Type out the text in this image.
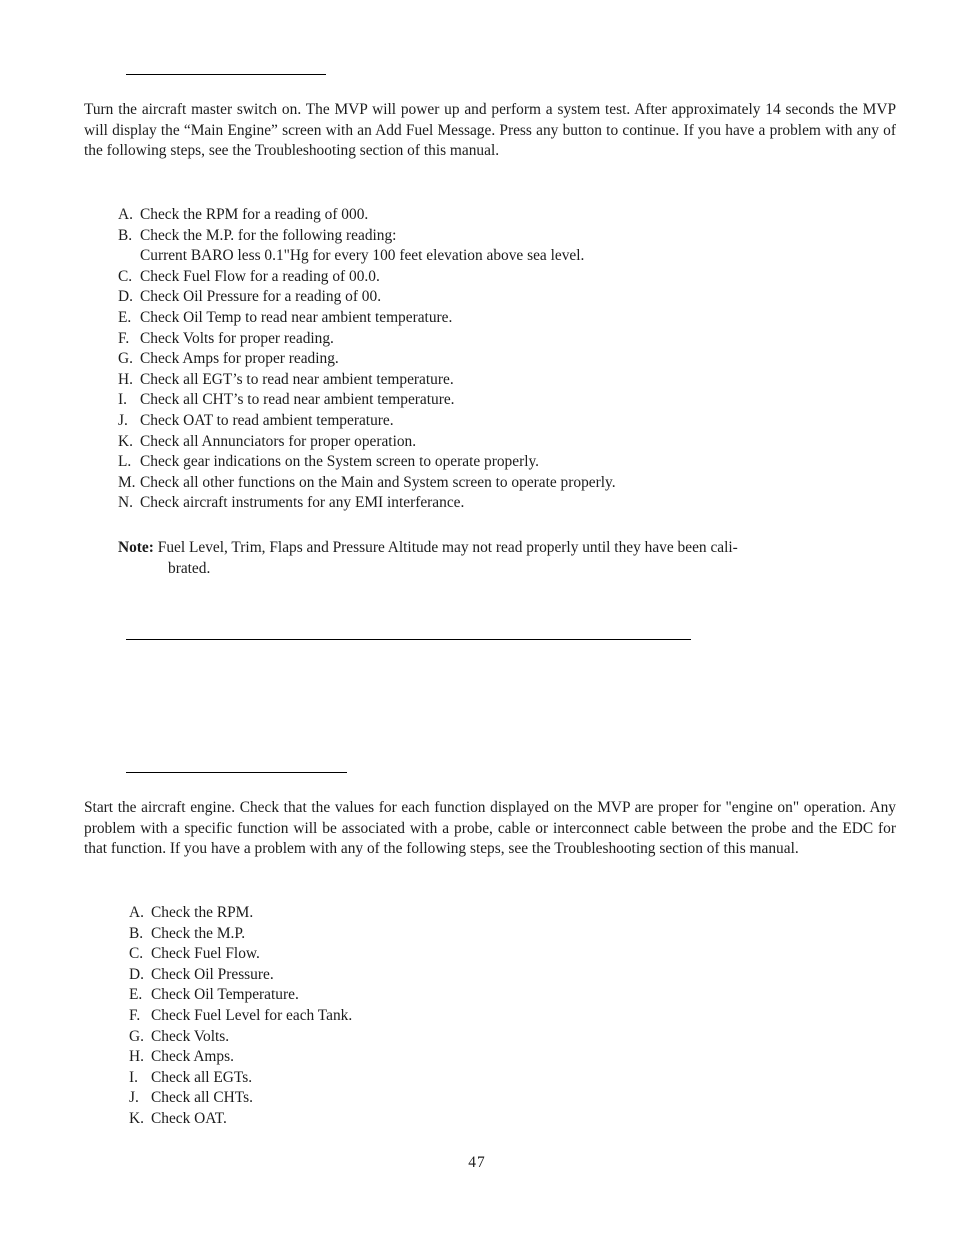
Turn the aircraft master switch on. The MVP will power up and perform a system test. After approximately 14 seconds the MVP will display the “Main Engine” screen with an Add Fuel Message. Press any button to continue. If you have a problem with any of the following steps, see the Troubleshooting section of this manual.

A. Check the RPM for a reading of 000.
B. Check the M.P. for the following reading:
Current BARO less 0.1"Hg for every 100 feet elevation above sea level.
C. Check Fuel Flow for a reading of 00.0.
D. Check Oil Pressure for a reading of 00.
E. Check Oil Temp to read near ambient temperature.
F. Check Volts for proper reading.
G. Check Amps for proper reading.
H. Check all EGT’s to read near ambient temperature.
I. Check all CHT’s to read near ambient temperature.
J. Check OAT to read ambient temperature.
K. Check all Annunciators for proper operation.
L. Check gear indications on the System screen to operate properly.
M. Check all other functions on the Main and System screen to operate properly.
N. Check aircraft instruments for any EMI interferance.
Note: Fuel Level, Trim, Flaps and Pressure Altitude may not read properly until they have been cali-
brated.

Start the aircraft engine. Check that the values for each function displayed on the MVP are proper for "engine on" operation. Any problem with a specific function will be associated with a probe, cable or interconnect cable between the probe and the EDC for that function. If you have a problem with any of the following steps, see the Troubleshooting section of this manual.

A. Check the RPM.
B. Check the M.P.
C. Check Fuel Flow.
D. Check Oil Pressure.
E. Check Oil Temperature.
F. Check Fuel Level for each Tank.
G. Check Volts.
H. Check Amps.
I. Check all EGTs.
J. Check all CHTs.
K. Check OAT.
47
